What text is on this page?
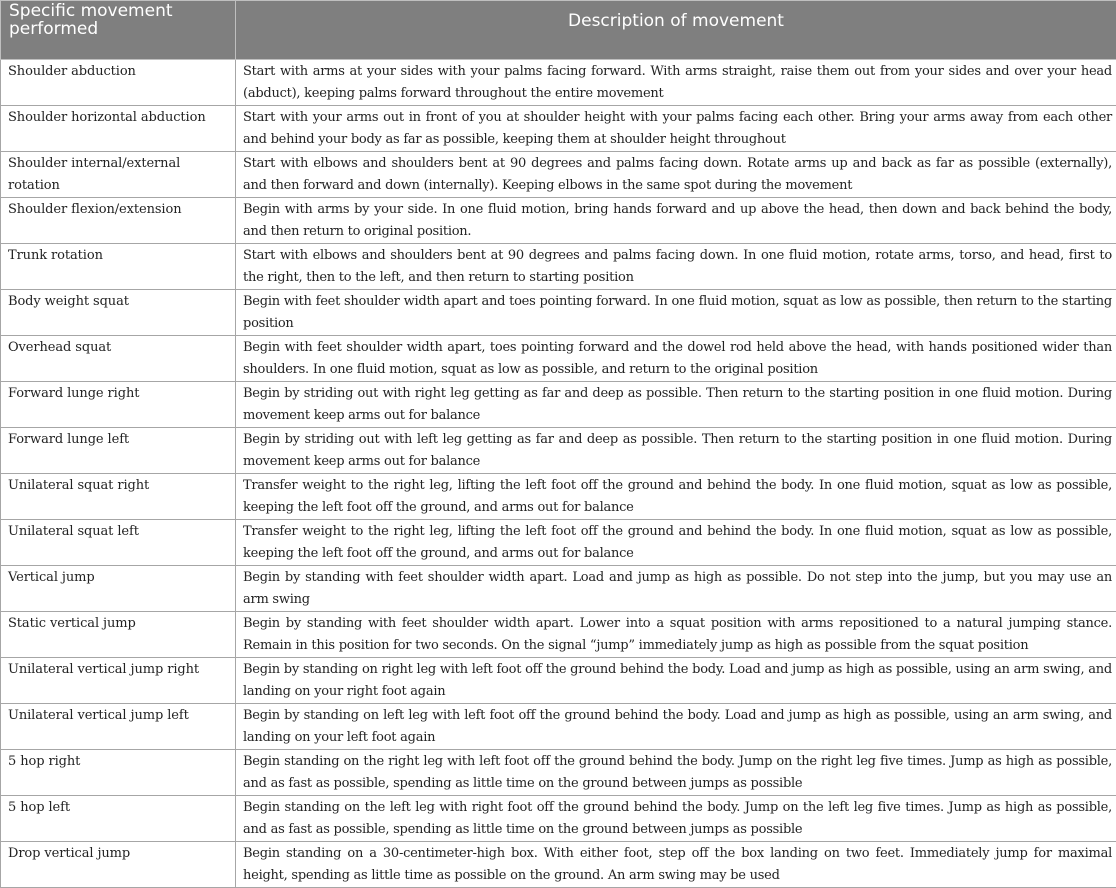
Specific movement performed	Description of movement
Shoulder abduction	Start with arms at your sides with your palms facing forward. With arms straight, raise them out from your sides and over your head (abduct), keeping palms forward throughout the entire movement
Shoulder horizontal abduction	Start with your arms out in front of you at shoulder height with your palms facing each other. Bring your arms away from each other and behind your body as far as possible, keeping them at shoulder height throughout
Shoulder internal/external rotation	Start with elbows and shoulders bent at 90 degrees and palms facing down. Rotate arms up and back as far as possible (externally), and then forward and down (internally). Keeping elbows in the same spot during the movement
Shoulder flexion/extension	Begin with arms by your side. In one fluid motion, bring hands forward and up above the head, then down and back behind the body, and then return to original position.
Trunk rotation	Start with elbows and shoulders bent at 90 degrees and palms facing down. In one fluid motion, rotate arms, torso, and head, first to the right, then to the left, and then return to starting position
Body weight squat	Begin with feet shoulder width apart and toes pointing forward. In one fluid motion, squat as low as possible, then return to the starting position
Overhead squat	Begin with feet shoulder width apart, toes pointing forward and the dowel rod held above the head, with hands positioned wider than shoulders. In one fluid motion, squat as low as possible, and return to the original position
Forward lunge right	Begin by striding out with right leg getting as far and deep as possible. Then return to the starting position in one fluid motion. During movement keep arms out for balance
Forward lunge left	Begin by striding out with left leg getting as far and deep as possible. Then return to the starting position in one fluid motion. During movement keep arms out for balance
Unilateral squat right	Transfer weight to the right leg, lifting the left foot off the ground and behind the body. In one fluid motion, squat as low as possible, keeping the left foot off the ground, and arms out for balance
Unilateral squat left	Transfer weight to the right leg, lifting the left foot off the ground and behind the body. In one fluid motion, squat as low as possible, keeping the left foot off the ground, and arms out for balance
Vertical jump	Begin by standing with feet shoulder width apart. Load and jump as high as possible. Do not step into the jump, but you may use an arm swing
Static vertical jump	Begin by standing with feet shoulder width apart. Lower into a squat position with arms repositioned to a natural jumping stance. Remain in this position for two seconds. On the signal “jump” immediately jump as high as possible from the squat position
Unilateral vertical jump right	Begin by standing on right leg with left foot off the ground behind the body. Load and jump as high as possible, using an arm swing, and landing on your right foot again
Unilateral vertical jump left	Begin by standing on left leg with left foot off the ground behind the body. Load and jump as high as possible, using an arm swing, and landing on your left foot again
5 hop right	Begin standing on the right leg with left foot off the ground behind the body. Jump on the right leg five times. Jump as high as possible, and as fast as possible, spending as little time on the ground between jumps as possible
5 hop left	Begin standing on the left leg with right foot off the ground behind the body. Jump on the left leg five times. Jump as high as possible, and as fast as possible, spending as little time on the ground between jumps as possible
Drop vertical jump	Begin standing on a 30-centimeter-high box. With either foot, step off the box landing on two feet. Immediately jump for maximal height, spending as little time as possible on the ground. An arm swing may be used
